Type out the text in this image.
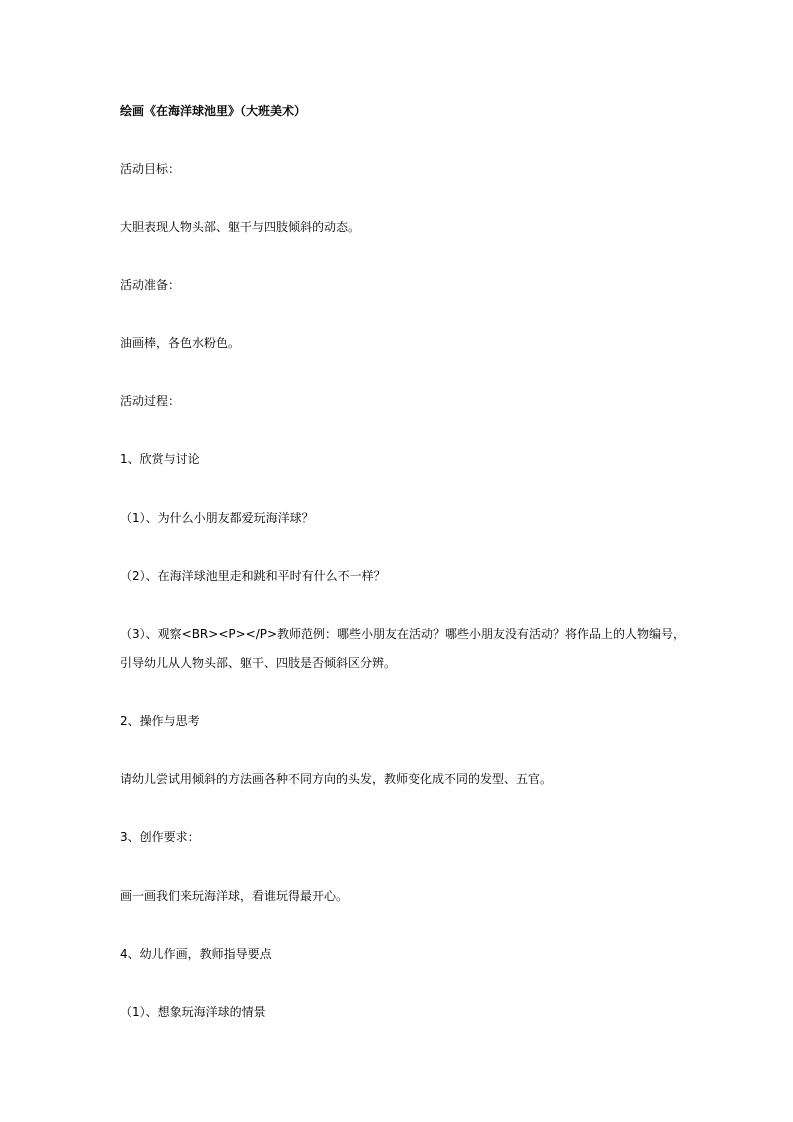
绘画《在海洋球池里》（大班美术）
活动目标：
大胆表现人物头部、躯干与四肢倾斜的动态。
活动准备：
油画棒，各色水粉色。
活动过程：
1、欣赏与讨论
（1）、为什么小朋友都爱玩海洋球？
（2）、在海洋球池里走和跳和平时有什么不一样？
（3）、观察<BR><P></P>教师范例：哪些小朋友在活动？哪些小朋友没有活动？将作品上的人物编号，
引导幼儿从人物头部、躯干、四肢是否倾斜区分辨。
2、操作与思考
请幼儿尝试用倾斜的方法画各种不同方向的头发，教师变化成不同的发型、五官。
3、创作要求：
画一画我们来玩海洋球，看谁玩得最开心。
4、幼儿作画，教师指导要点
（1）、想象玩海洋球的情景
